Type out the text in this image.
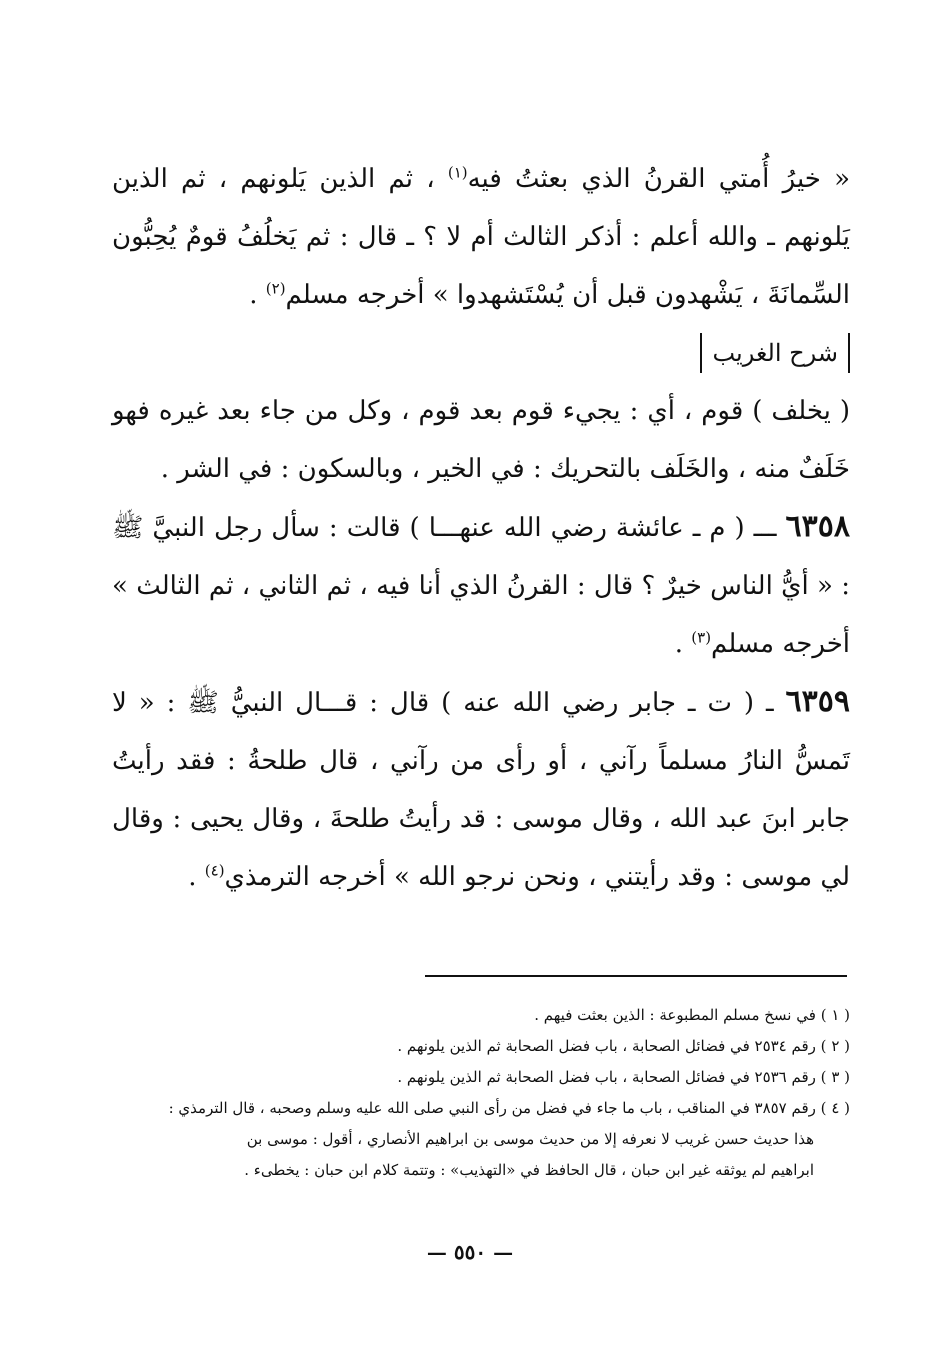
« خيرُ أُمتي القرنُ الذي بعثتُ فيه$^{(١)}$ ، ثم الذين يَلونهم ، ثم الذين يَلونهم ـ والله أعلم : أذكر الثالث أم لا ؟ ـ قال : ثم يَخلُفُ قومٌ يُحِبُّون السِّمانَةَ ، يَشْهدون قبل أن يُسْتَشهدوا » أخرجه مسلم$^{(٢)}$ .

شرح الغريب

( يخلف ) قوم ، أي : يجيء قوم بعد قوم ، وكل من جاء بعد غيره فهو خَلَفٌ منه ، والخَلَف بالتحريك : في الخير ، وبالسكون : في الشر .

٦٣٥٨ ـــ ( م ـ عائشة رضي الله عنهـــا ) قالت : سأل رجل النبيَّ ﷺ : « أيُّ الناس خيرٌ ؟ قال : القرنُ الذي أنا فيه ، ثم الثاني ، ثم الثالث » أخرجه مسلم$^{(٣)}$ .

٦٣٥٩ ـ ( ت ـ جابر رضي الله عنه ) قال : قـــال النبيُّ ﷺ : « لا تَمسُّ النارُ مسلماً رآني ، أو رأى من رآني ، قال طلحةُ : فقد رأيتُ جابر ابنَ عبد الله ، وقال موسى : قد رأيتُ طلحةَ ، وقال يحيى : وقال لي موسى : وقد رأيتني ، ونحن نرجو الله » أخرجه الترمذي$^{(٤)}$ .

( ١ ) في نسخ مسلم المطبوعة : الذين بعثت فيهم .
( ٢ ) رقم ٢٥٣٤ في فضائل الصحابة ، باب فضل الصحابة ثم الذين يلونهم .
( ٣ ) رقم ٢٥٣٦ في فضائل الصحابة ، باب فضل الصحابة ثم الذين يلونهم .
( ٤ ) رقم ٣٨٥٧ في المناقب ، باب ما جاء في فضل من رأى النبي صلى الله عليه وسلم وصحبه ، قال الترمذي :
هذا حديث حسن غريب لا نعرفه إلا من حديث موسى بن ابراهيم الأنصاري ، أقول : موسى بن
ابراهيم لم يوثقه غير ابن حبان ، قال الحافظ في «التهذيب» : وتتمة كلام ابن حبان : يخطىء .
— ٥٥٠ —
